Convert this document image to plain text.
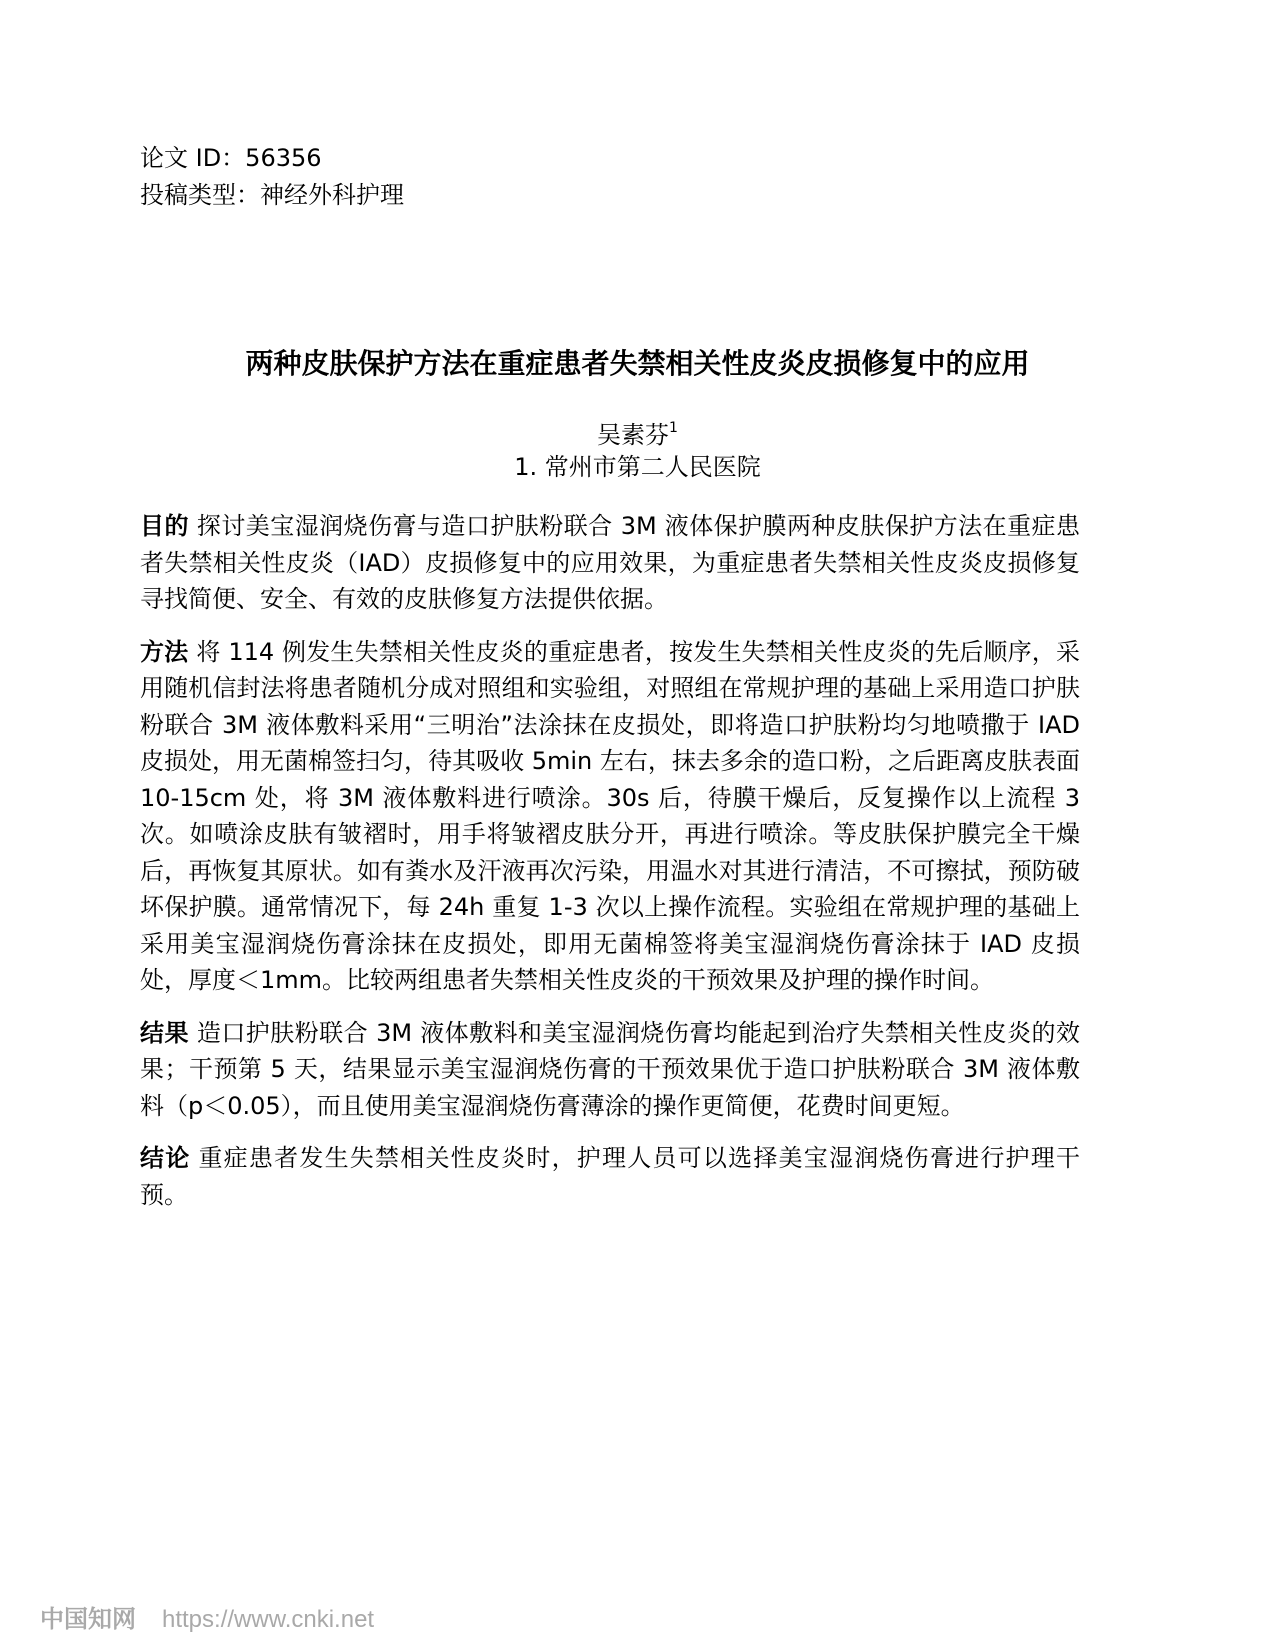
论文 ID：56356
投稿类型：神经外科护理
两种皮肤保护方法在重症患者失禁相关性皮炎皮损修复中的应用
吴素芬$^1$
1. 常州市第二人民医院

目的 探讨美宝湿润烧伤膏与造口护肤粉联合 3M 液体保护膜两种皮肤保护方法在重症患者失禁相关性皮炎（IAD）皮损修复中的应用效果，为重症患者失禁相关性皮炎皮损修复寻找简便、安全、有效的皮肤修复方法提供依据。

方法 将 114 例发生失禁相关性皮炎的重症患者，按发生失禁相关性皮炎的先后顺序，采用随机信封法将患者随机分成对照组和实验组，对照组在常规护理的基础上采用造口护肤粉联合 3M 液体敷料采用“三明治”法涂抹在皮损处，即将造口护肤粉均匀地喷撒于 IAD 皮损处，用无菌棉签扫匀，待其吸收 5min 左右，抹去多余的造口粉，之后距离皮肤表面 10-15cm 处，将 3M 液体敷料进行喷涂。30s 后，待膜干燥后，反复操作以上流程 3 次。如喷涂皮肤有皱褶时，用手将皱褶皮肤分开，再进行喷涂。等皮肤保护膜完全干燥后，再恢复其原状。如有粪水及汗液再次污染，用温水对其进行清洁，不可擦拭，预防破坏保护膜。通常情况下，每 24h 重复 1-3 次以上操作流程。实验组在常规护理的基础上采用美宝湿润烧伤膏涂抹在皮损处，即用无菌棉签将美宝湿润烧伤膏涂抹于 IAD 皮损处，厚度＜1mm。比较两组患者失禁相关性皮炎的干预效果及护理的操作时间。

结果 造口护肤粉联合 3M 液体敷料和美宝湿润烧伤膏均能起到治疗失禁相关性皮炎的效果；干预第 5 天，结果显示美宝湿润烧伤膏的干预效果优于造口护肤粉联合 3M 液体敷料（p＜0.05），而且使用美宝湿润烧伤膏薄涂的操作更简便，花费时间更短。

结论 重症患者发生失禁相关性皮炎时，护理人员可以选择美宝湿润烧伤膏进行护理干预。

中国知网 https://www.cnki.net
